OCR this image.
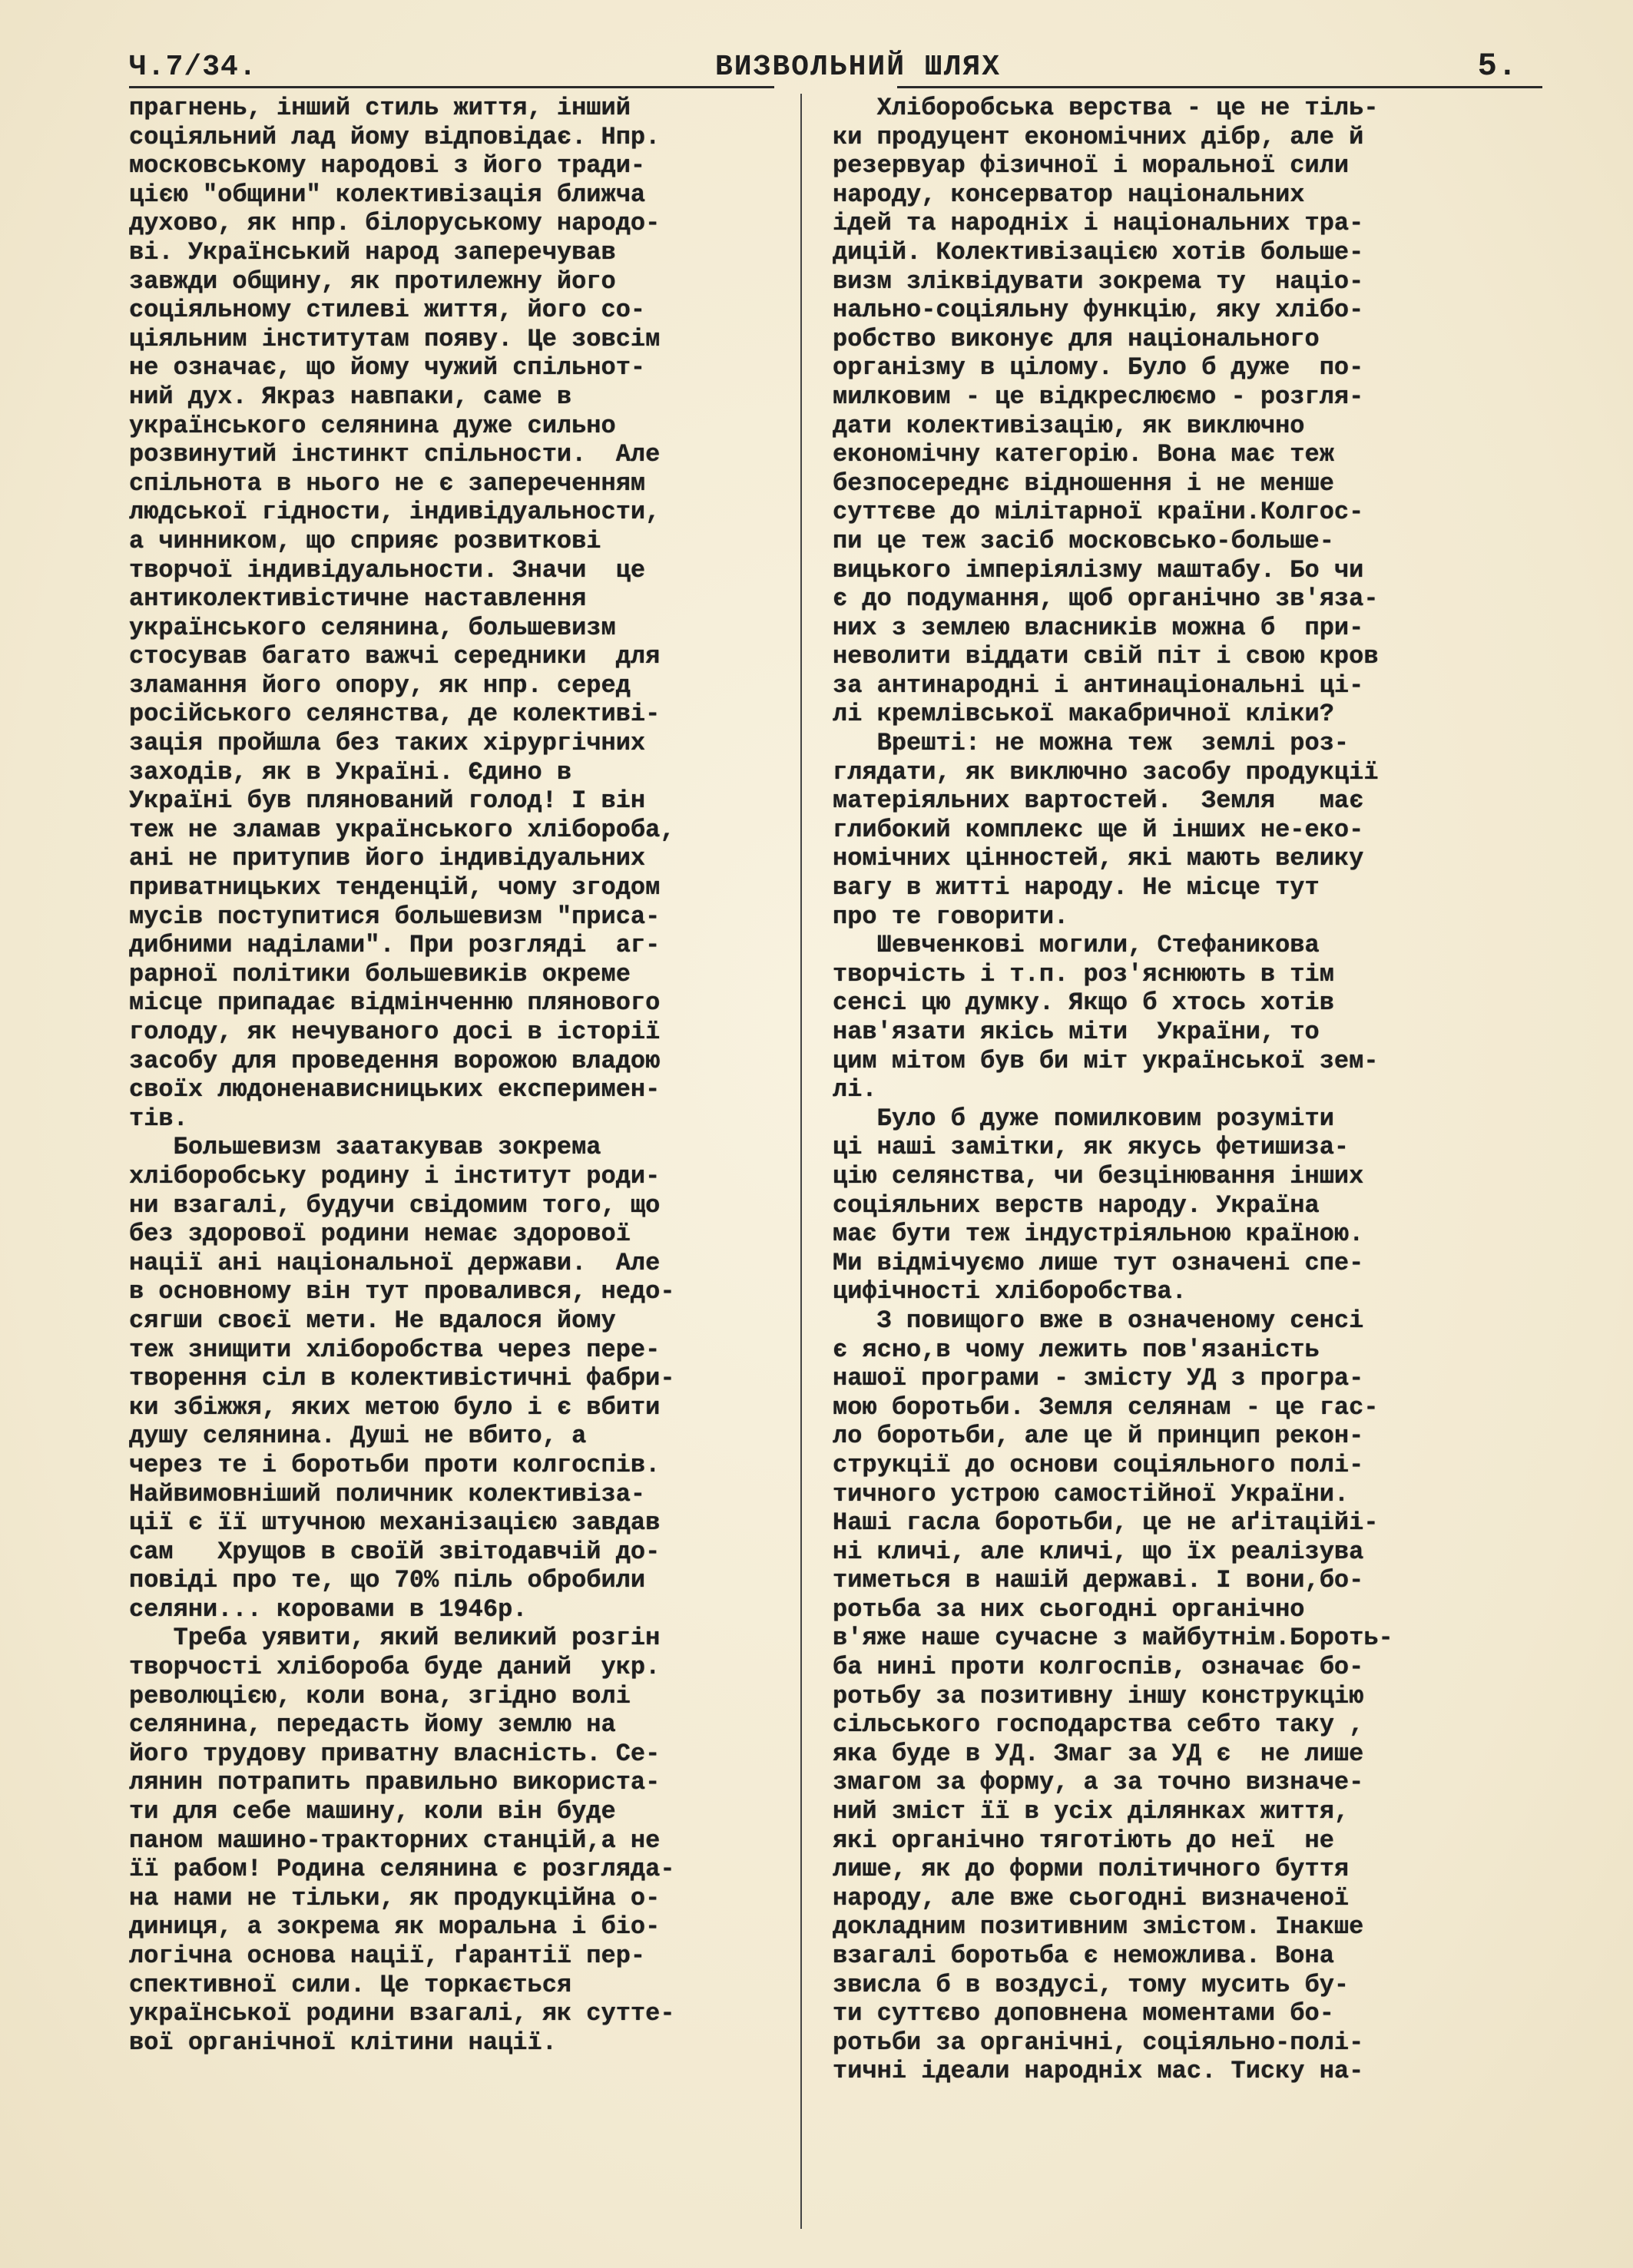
Ч.7/34.	ВИЗВОЛЬНИЙ ШЛЯХ	5.
прагнень, інший стиль життя, інший
соціяльний лад йому відповідає. Нпр.
московському народові з його тради-
цією "общини" колективізація ближча
духово, як нпр. білоруському народо-
ві. Український народ заперечував
завжди общину, як протилежну його
соціяльному стилеві життя, його со-
ціяльним інститутам появу. Це зовсім
не означає, що йому чужий спільнот-
ний дух. Якраз навпаки, саме в
українського селянина дуже сильно
розвинутий інстинкт спільности.  Але
спільнота в нього не є запереченням
людської гідности, індивідуальности,
а чинником, що сприяє розвиткові
творчої індивідуальности. Значи  це
антиколективістичне наставлення
українського селянина, большевизм
стосував багато важчі середники  для
зламання його опору, як нпр. серед
російського селянства, де колективі-
зація пройшла без таких хірургічних
заходів, як в Україні. Єдино в
Україні був плянований голод! І він
теж не зламав українського хлібороба,
ані не притупив його індивідуальних
приватницьких тенденцій, чому згодом
мусів поступитися большевизм "приса-
дибними наділами". При розгляді  аг-
рарної політики большевиків окреме
місце припадає відмінченню плянового
голоду, як нечуваного досі в історії
засобу для проведення ворожою владою
своїх людоненависницьких експеримен-
тів.
Большевизм заатакував зокрема
хліборобську родину і інститут роди-
ни взагалі, будучи свідомим того, що
без здорової родини немає здорової
нації ані національної держави.  Але
в основному він тут провалився, недо-
сягши своєї мети. Не вдалося йому
теж знищити хліборобства через пере-
творення сіл в колективістичні фабри-
ки збіжжя, яких метою було і є вбити
душу селянина. Душі не вбито, а
через те і боротьби проти колгоспів.
Найвимовніший поличник колективіза-
ції є її штучною механізацією завдав
сам   Хрущов в своїй звітодавчій до-
повіді про те, що 70% піль обробили
селяни... коровами в 1946р.
Треба уявити, який великий розгін
творчості хлібороба буде даний  укр.
революцією, коли вона, згідно волі
селянина, передасть йому землю на
його трудову приватну власність. Се-
лянин потрапить правильно використа-
ти для себе машину, коли він буде
паном машино-тракторних станцій,а не
її рабом! Родина селянина є розгляда-
на нами не тільки, як продукційна о-
диниця, а зокрема як моральна і біо-
логічна основа нації, ґарантії пер-
спективної сили. Це торкається
української родини взагалі, як сутте-
вої органічної клітини нації.
Хліборобська верства - це не тіль-
ки продуцент економічних дібр, але й
резервуар фізичної і моральної сили
народу, консерватор національних
ідей та народніх і національних тра-
дицій. Колективізацією хотів больше-
визм зліквідувати зокрема ту  націо-
нально-соціяльну функцію, яку хлібо-
робство виконує для національного
організму в цілому. Було б дуже  по-
милковим - це відкреслюємо - розгля-
дати колективізацію, як виключно
економічну категорію. Вона має теж
безпосереднє відношення і не менше
суттєве до мілітарної країни.Колгос-
пи це теж засіб московсько-больше-
вицького імперіялізму маштабу. Бо чи
є до подумання, щоб органічно зв'яза-
них з землею власників можна б  при-
неволити віддати свій піт і свою кров
за антинародні і антинаціональні ці-
лі кремлівської макабричної кліки?
Врешті: не можна теж  землі роз-
глядати, як виключно засобу продукції
матеріяльних вартостей.  Земля   має
глибокий комплекс ще й інших не-еко-
номічних цінностей, які мають велику
вагу в житті народу. Не місце тут
про те говорити.
Шевченкові могили, Стефаникова
творчість і т.п. роз'яснюють в тім
сенсі цю думку. Якщо б хтось хотів
нав'язати якісь міти  України, то
цим мітом був би міт української зем-
лі.
Було б дуже помилковим розуміти
ці наші замітки, як якусь фетишиза-
цію селянства, чи безцінювання інших
соціяльних верств народу. Україна
має бути теж індустріяльною країною.
Ми відмічуємо лише тут означені спе-
цифічності хліборобства.
З повищого вже в означеному сенсі
є ясно,в чому лежить пов'язаність
нашої програми - змісту УД з програ-
мою боротьби. Земля селянам - це гас-
ло боротьби, але це й принцип рекон-
струкції до основи соціяльного полі-
тичного устрою самостійної України.
Наші гасла боротьби, це не аґітаційі-
ні кличі, але кличі, що їх реалізува
тиметься в нашій державі. І вони,бо-
ротьба за них сьогодні органічно
в'яже наше сучасне з майбутнім.Бороть-
ба нині проти колгоспів, означає бо-
ротьбу за позитивну іншу конструкцію
сільського господарства себто таку ,
яка буде в УД. Змаг за УД є  не лише
змагом за форму, а за точно визначе-
ний зміст її в усіх ділянках життя,
які органічно тяготіють до неї  не
лише, як до форми політичного буття
народу, але вже сьогодні визначеної
докладним позитивним змістом. Інакше
взагалі боротьба є неможлива. Вона
звисла б в воздусі, тому мусить бу-
ти суттєво доповнена моментами бо-
ротьби за органічні, соціяльно-полі-
тичні ідеали народніх мас. Тиску на-
